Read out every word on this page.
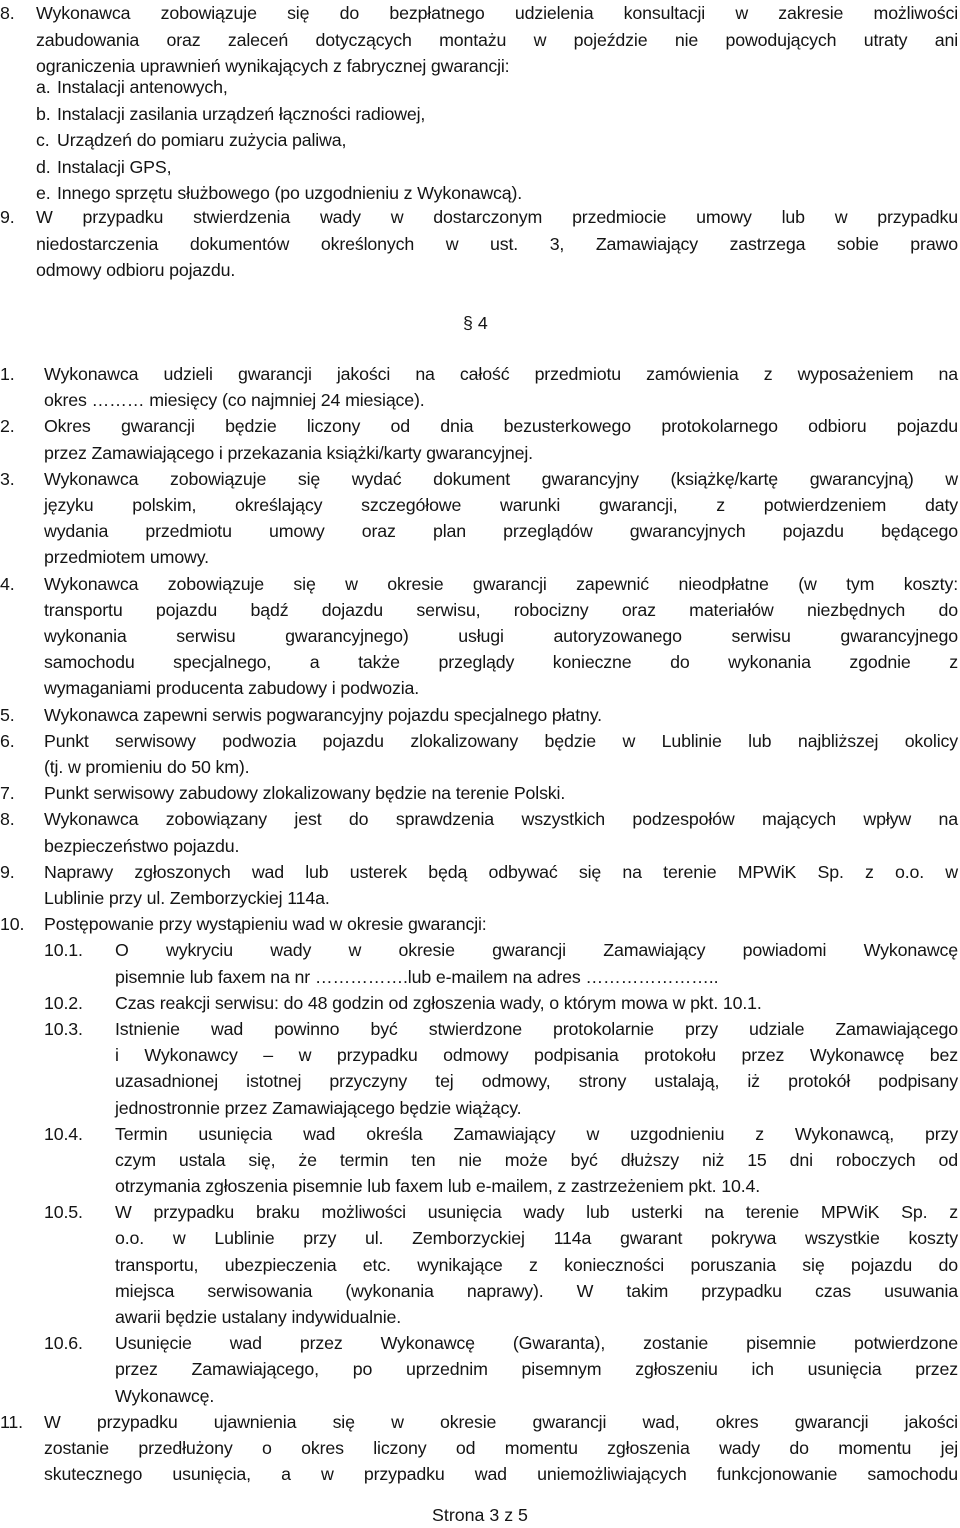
8. Wykonawca zobowiązuje się do bezpłatnego udzielenia konsultacji w zakresie możliwości
zabudowania oraz zaleceń dotyczących montażu w pojeździe nie powodujących utraty ani
ograniczenia uprawnień wynikających z fabrycznej gwarancji:
a. Instalacji antenowych,
b. Instalacji zasilania urządzeń łączności radiowej,
c. Urządzeń do pomiaru zużycia paliwa,
d. Instalacji GPS,
e. Innego sprzętu służbowego (po uzgodnieniu z Wykonawcą).
9. W przypadku stwierdzenia wady w dostarczonym przedmiocie umowy lub w przypadku
niedostarczenia dokumentów określonych w ust. 3, Zamawiający zastrzega sobie prawo
odmowy odbioru pojazdu.
§ 4
1. Wykonawca udzieli gwarancji jakości na całość przedmiotu zamówienia z wyposażeniem na
okres ……… miesięcy (co najmniej 24 miesiące).
2. Okres gwarancji będzie liczony od dnia bezusterkowego protokolarnego odbioru pojazdu
przez Zamawiającego i przekazania książki/karty gwarancyjnej.
3. Wykonawca zobowiązuje się wydać dokument gwarancyjny (książkę/kartę gwarancyjną) w
języku polskim, określający szczegółowe warunki gwarancji, z potwierdzeniem daty
wydania przedmiotu umowy oraz plan przeglądów gwarancyjnych pojazdu będącego
przedmiotem umowy.
4. Wykonawca zobowiązuje się w okresie gwarancji zapewnić nieodpłatne (w tym koszty:
transportu pojazdu bądź dojazdu serwisu, robocizny oraz materiałów niezbędnych do
wykonania serwisu gwarancyjnego) usługi autoryzowanego serwisu gwarancyjnego
samochodu specjalnego, a także przeglądy konieczne do wykonania zgodnie z
wymaganiami producenta zabudowy i podwozia.
5. Wykonawca zapewni serwis pogwarancyjny pojazdu specjalnego płatny.
6. Punkt serwisowy podwozia pojazdu zlokalizowany będzie w Lublinie lub najbliższej okolicy
(tj. w promieniu do 50 km).
7. Punkt serwisowy zabudowy zlokalizowany będzie na terenie Polski.
8. Wykonawca zobowiązany jest do sprawdzenia wszystkich podzespołów mających wpływ na
bezpieczeństwo pojazdu.
9. Naprawy zgłoszonych wad lub usterek będą odbywać się na terenie MPWiK Sp. z o.o. w
Lublinie przy ul. Zemborzyckiej 114a.
10. Postępowanie przy wystąpieniu wad w okresie gwarancji:
10.1. O wykryciu wady w okresie gwarancji Zamawiający powiadomi Wykonawcę
pisemnie lub faxem na nr …………….lub e-mailem na adres …………………..
10.2. Czas reakcji serwisu: do 48 godzin od zgłoszenia wady, o którym mowa w pkt. 10.1.
10.3. Istnienie wad powinno być stwierdzone protokolarnie przy udziale Zamawiającego
i Wykonawcy – w przypadku odmowy podpisania protokołu przez Wykonawcę bez
uzasadnionej istotnej przyczyny tej odmowy, strony ustalają, iż protokół podpisany
jednostronnie przez Zamawiającego będzie wiążący.
10.4. Termin usunięcia wad określa Zamawiający w uzgodnieniu z Wykonawcą, przy
czym ustala się, że termin ten nie może być dłuższy niż 15 dni roboczych od
otrzymania zgłoszenia pisemnie lub faxem lub e-mailem, z zastrzeżeniem pkt. 10.4.
10.5. W przypadku braku możliwości usunięcia wady lub usterki na terenie MPWiK Sp. z
o.o. w Lublinie przy ul. Zemborzyckiej 114a gwarant pokrywa wszystkie koszty
transportu, ubezpieczenia etc. wynikające z konieczności poruszania się pojazdu do
miejsca serwisowania (wykonania naprawy). W takim przypadku czas usuwania
awarii będzie ustalany indywidualnie.
10.6. Usunięcie wad przez Wykonawcę (Gwaranta), zostanie pisemnie potwierdzone
przez Zamawiającego, po uprzednim pisemnym zgłoszeniu ich usunięcia przez
Wykonawcę.
11. W przypadku ujawnienia się w okresie gwarancji wad, okres gwarancji jakości
zostanie przedłużony o okres liczony od momentu zgłoszenia wady do momentu jej
skutecznego usunięcia, a w przypadku wad uniemożliwiających funkcjonowanie samochodu
Strona 3 z 5
